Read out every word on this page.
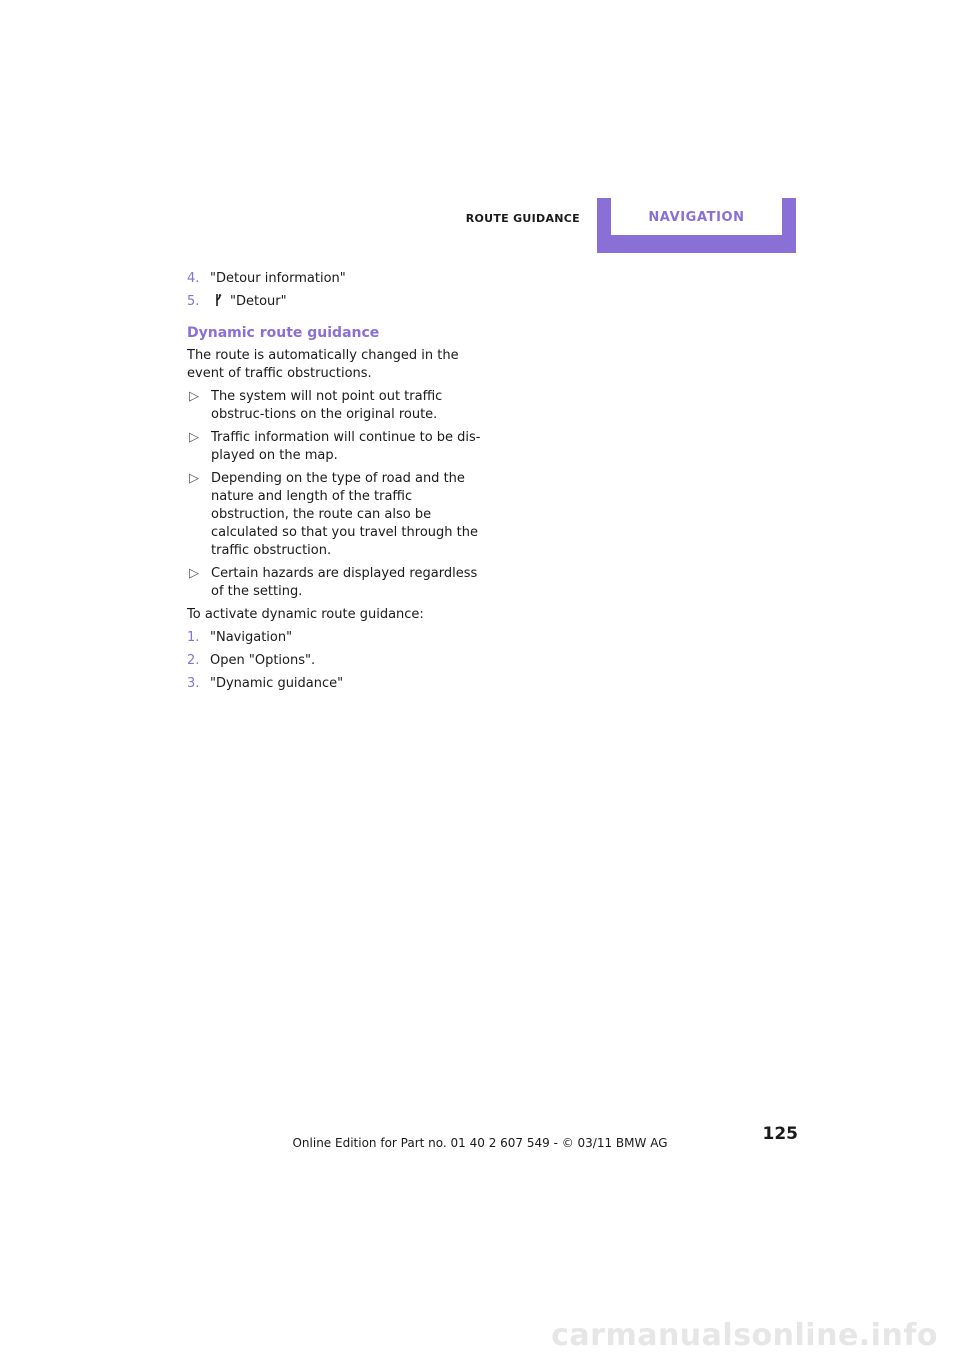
ROUTE GUIDANCE	NAVIGATION
4. "Detour information"
5. "Detour"
Dynamic route guidance

The route is automatically changed in the event of traffic obstructions.

▷ The system will not point out traffic obstruc-tions on the original route.
▷ Traffic information will continue to be dis-played on the map.
▷ Depending on the type of road and the nature and length of the traffic obstruction, the route can also be calculated so that you travel through the traffic obstruction.
▷ Certain hazards are displayed regardless of the setting.

To activate dynamic route guidance:

1. "Navigation"
2. Open "Options".
3. "Dynamic guidance"
125
Online Edition for Part no. 01 40 2 607 549 - © 03/11 BMW AG
carmanualsonline.info
